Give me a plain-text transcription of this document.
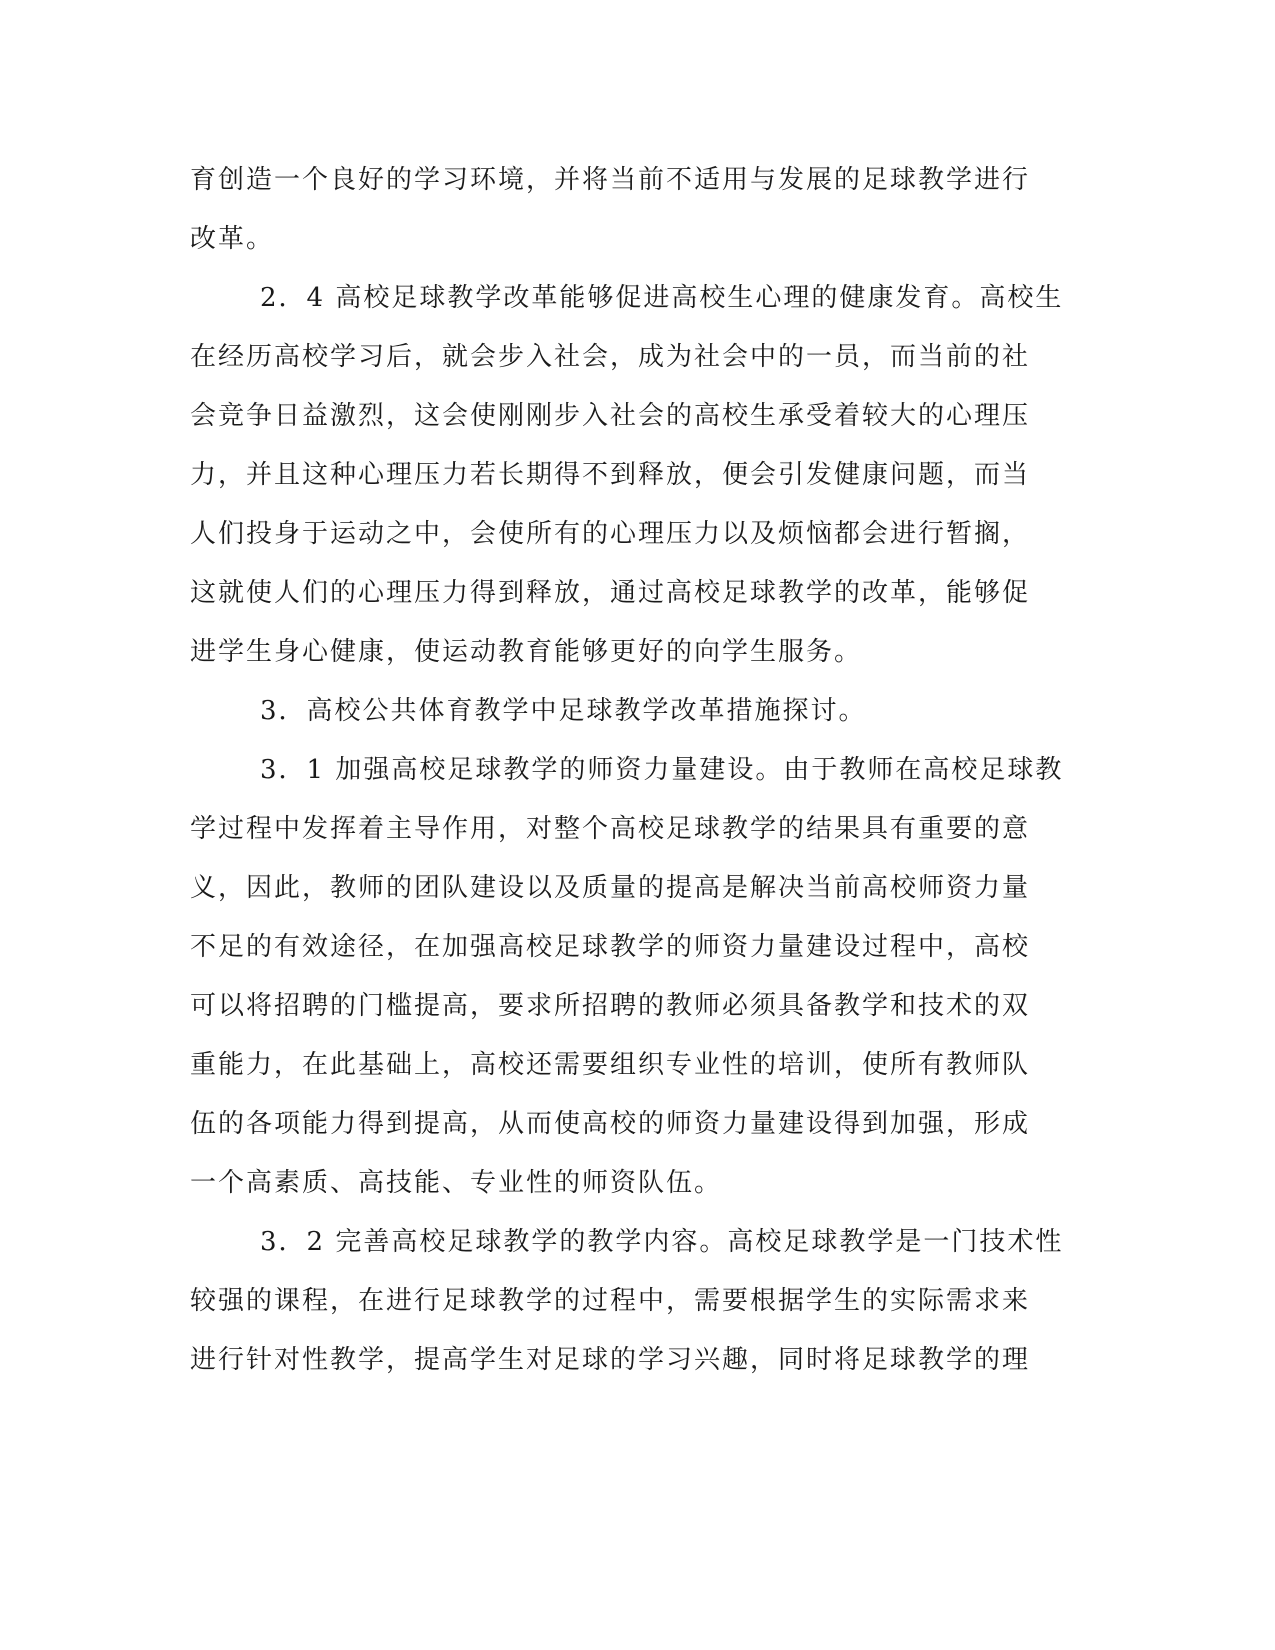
育创造一个良好的学习环境，并将当前不适用与发展的足球教学进行
改革。
2．4 高校足球教学改革能够促进高校生心理的健康发育。高校生
在经历高校学习后，就会步入社会，成为社会中的一员，而当前的社
会竞争日益激烈，这会使刚刚步入社会的高校生承受着较大的心理压
力，并且这种心理压力若长期得不到释放，便会引发健康问题，而当
人们投身于运动之中，会使所有的心理压力以及烦恼都会进行暂搁，
这就使人们的心理压力得到释放，通过高校足球教学的改革，能够促
进学生身心健康，使运动教育能够更好的向学生服务。
3．高校公共体育教学中足球教学改革措施探讨。
3．1 加强高校足球教学的师资力量建设。由于教师在高校足球教
学过程中发挥着主导作用，对整个高校足球教学的结果具有重要的意
义，因此，教师的团队建设以及质量的提高是解决当前高校师资力量
不足的有效途径，在加强高校足球教学的师资力量建设过程中，高校
可以将招聘的门槛提高，要求所招聘的教师必须具备教学和技术的双
重能力，在此基础上，高校还需要组织专业性的培训，使所有教师队
伍的各项能力得到提高，从而使高校的师资力量建设得到加强，形成
一个高素质、高技能、专业性的师资队伍。
3．2 完善高校足球教学的教学内容。高校足球教学是一门技术性
较强的课程，在进行足球教学的过程中，需要根据学生的实际需求来
进行针对性教学，提高学生对足球的学习兴趣，同时将足球教学的理
